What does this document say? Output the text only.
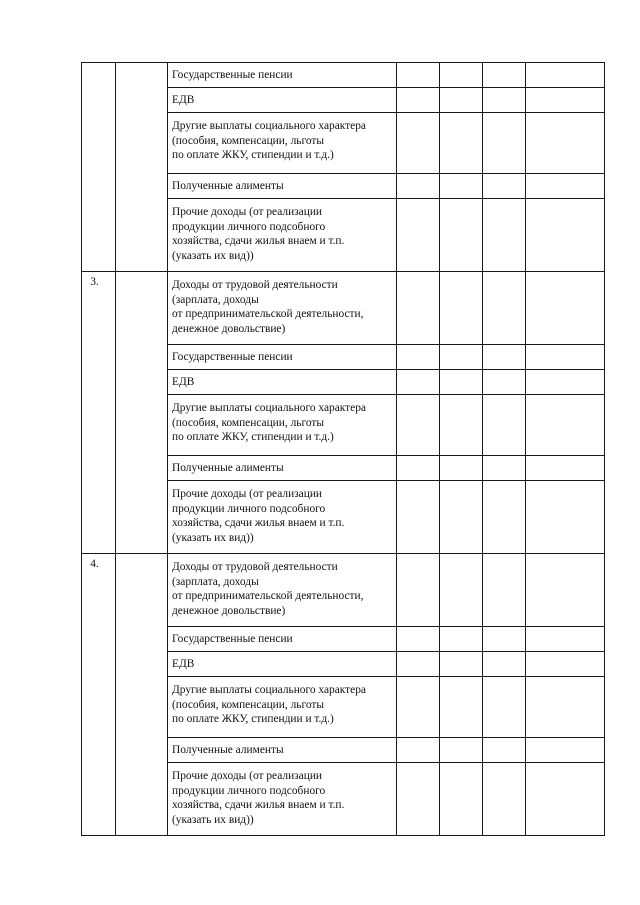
		Государственные пенсии				
		ЕДВ				
		Другие выплаты социального характера
(пособия, компенсации, льготы
по оплате ЖКУ, стипендии и т.д.)				
		Полученные алименты				
		Прочие доходы (от реализации
продукции личного подсобного
хозяйства, сдачи жилья внаем и т.п.
(указать их вид))				
3.		Доходы от трудовой деятельности
(зарплата, доходы
от предпринимательской деятельности,
денежное довольствие)				
		Государственные пенсии				
		ЕДВ				
		Другие выплаты социального характера
(пособия, компенсации, льготы
по оплате ЖКУ, стипендии и т.д.)				
		Полученные алименты				
		Прочие доходы (от реализации
продукции личного подсобного
хозяйства, сдачи жилья внаем и т.п.
(указать их вид))				
4.		Доходы от трудовой деятельности
(зарплата, доходы
от предпринимательской деятельности,
денежное довольствие)				
		Государственные пенсии				
		ЕДВ				
		Другие выплаты социального характера
(пособия, компенсации, льготы
по оплате ЖКУ, стипендии и т.д.)				
		Полученные алименты				
		Прочие доходы (от реализации
продукции личного подсобного
хозяйства, сдачи жилья внаем и т.п.
(указать их вид))				
